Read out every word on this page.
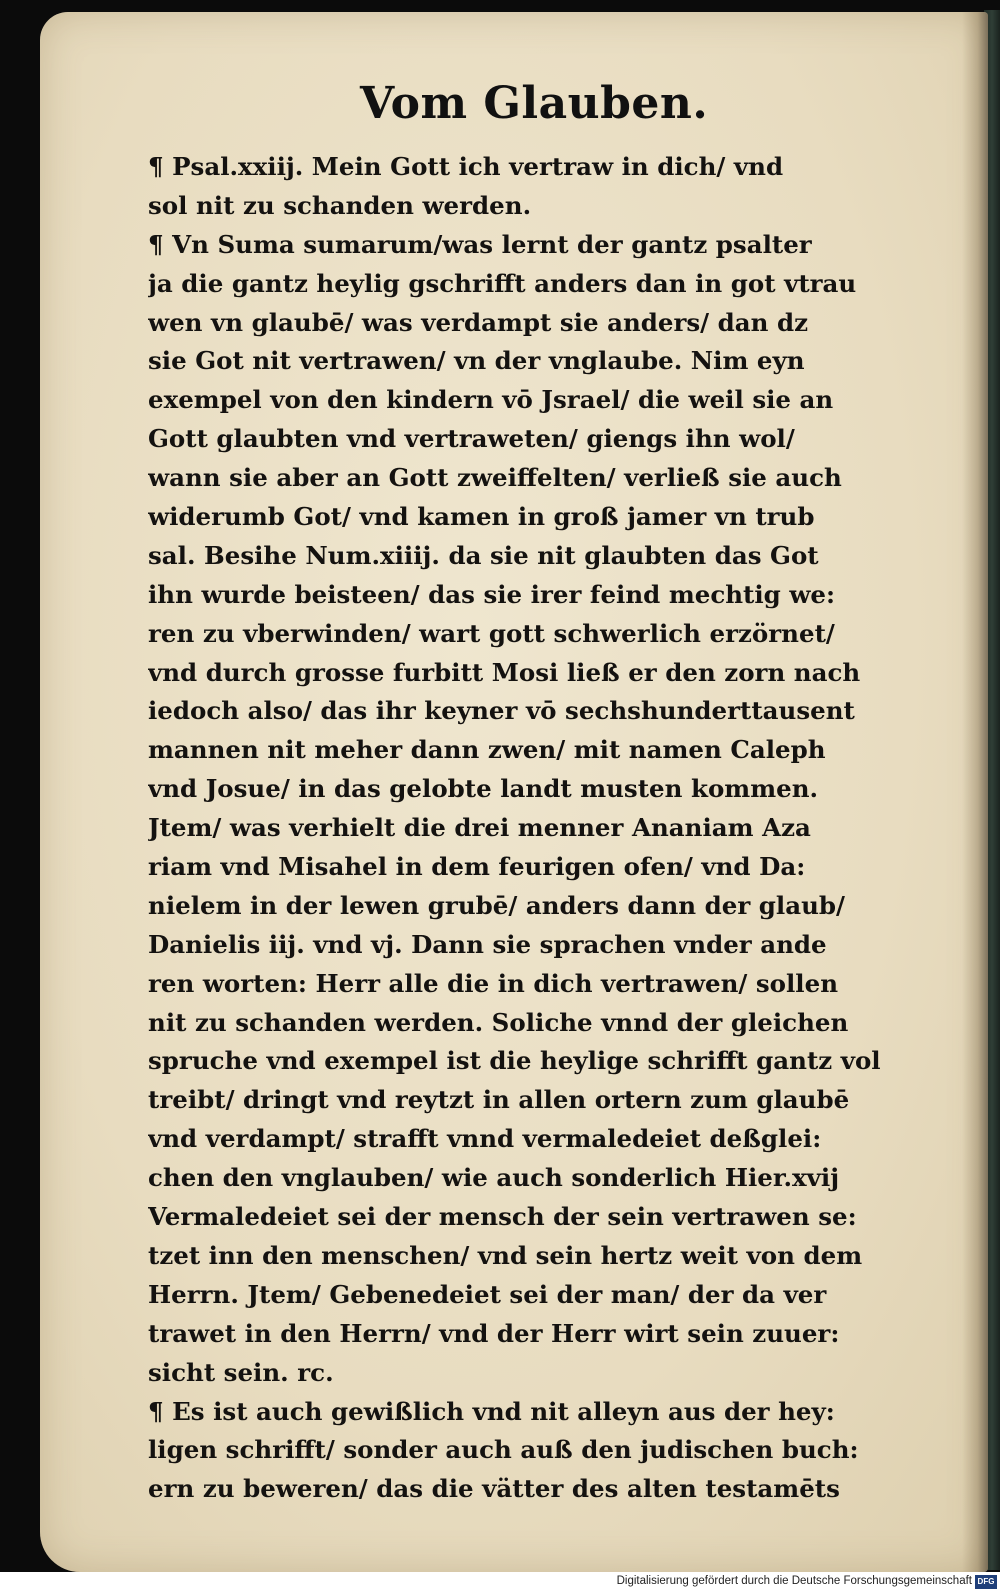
Vom Glauben.
¶ Psal.xxiij. Mein Gott ich vertraw in dich/ vnd
sol nit zu schanden werden.
¶ Vn Suma sumarum/was lernt der gantz psalter
ja die gantz heylig gschrifft anders dan in got vtrau
wen vn glaubē/ was verdampt sie anders/ dan dz
sie Got nit vertrawen/ vn der vnglaube. Nim eyn
exempel von den kindern vō Jsrael/ die weil sie an
Gott glaubten vnd vertraweten/ giengs ihn wol/
wann sie aber an Gott zweiffelten/ verließ sie auch
widerumb Got/ vnd kamen in groß jamer vn trub
sal. Besihe Num.xiiij. da sie nit glaubten das Got
ihn wurde beisteen/ das sie irer feind mechtig we:
ren zu vberwinden/ wart gott schwerlich erzörnet/
vnd durch grosse furbitt Mosi ließ er den zorn nach
iedoch also/ das ihr keyner vō sechshunderttausent
mannen nit meher dann zwen/ mit namen Caleph
vnd Josue/ in das gelobte landt musten kommen.
Jtem/ was verhielt die drei menner Ananiam Aza
riam vnd Misahel in dem feurigen ofen/ vnd Da:
nielem in der lewen grubē/ anders dann der glaub/
Danielis iij. vnd vj. Dann sie sprachen vnder ande
ren worten: Herr alle die in dich vertrawen/ sollen
nit zu schanden werden. Soliche vnnd der gleichen
spruche vnd exempel ist die heylige schrifft gantz vol
treibt/ dringt vnd reytzt in allen ortern zum glaubē
vnd verdampt/ strafft vnnd vermaledeiet deßglei:
chen den vnglauben/ wie auch sonderlich Hier.xvij
Vermaledeiet sei der mensch der sein vertrawen se:
tzet inn den menschen/ vnd sein hertz weit von dem
Herrn. Jtem/ Gebenedeiet sei der man/ der da ver
trawet in den Herrn/ vnd der Herr wirt sein zuuer:
sicht sein. rc.
¶ Es ist auch gewißlich vnd nit alleyn aus der hey:
ligen schrifft/ sonder auch auß den judischen buch:
ern zu beweren/ das die vätter des alten testamēts
Digitalisierung gefördert durch die Deutsche Forschungsgemeinschaft DFG
